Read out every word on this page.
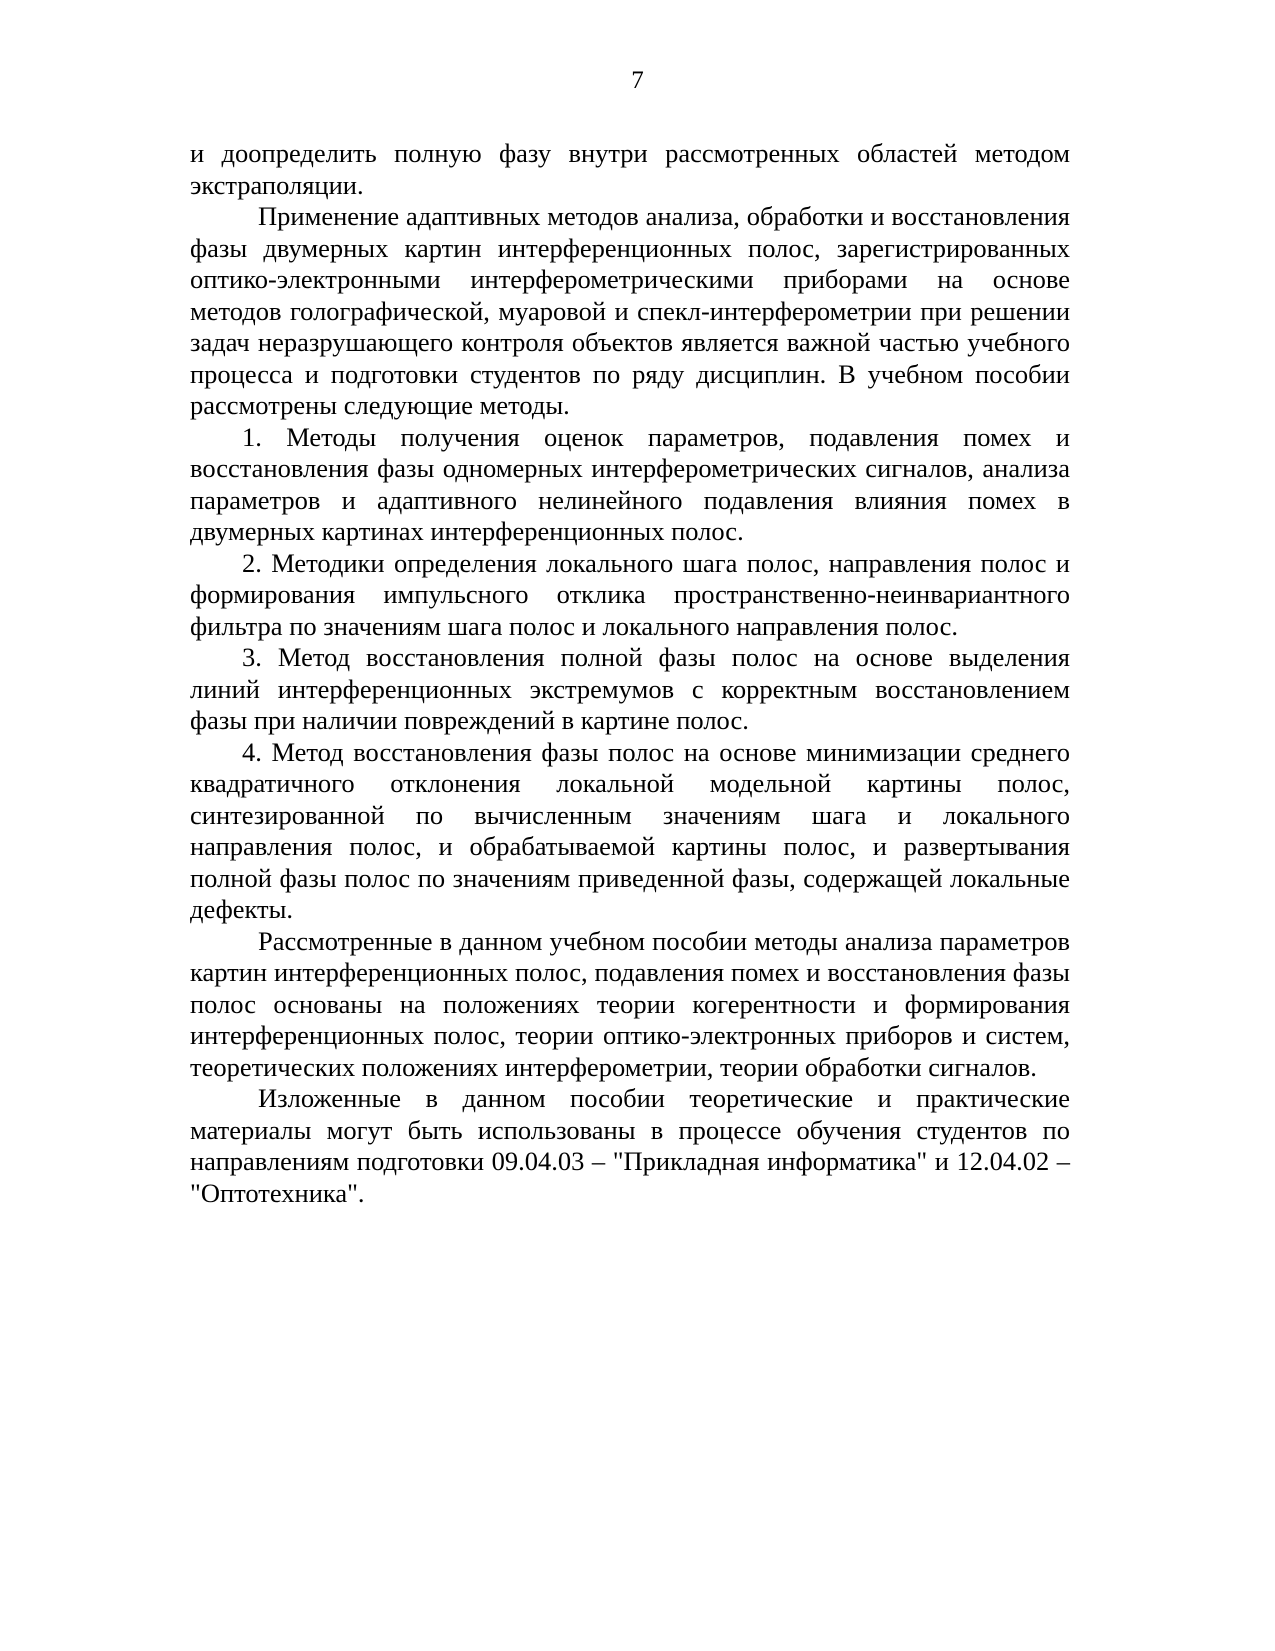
7

и доопределить полную фазу внутри рассмотренных областей методом экстраполяции.

Применение адаптивных методов анализа, обработки и восстановления фазы двумерных картин интерференционных полос, зарегистрированных оптико-электронными интерферометрическими приборами на основе методов голографической, муаровой и спекл-интерферометрии при решении задач неразрушающего контроля объектов является важной частью учебного процесса и подготовки студентов по ряду дисциплин. В учебном пособии рассмотрены следующие методы.

1. Методы получения оценок параметров, подавления помех и восстановления фазы одномерных интерферометрических сигналов, анализа параметров и адаптивного нелинейного подавления влияния помех в двумерных картинах интерференционных полос.

2. Методики определения локального шага полос, направления полос и формирования импульсного отклика пространственно-неинвариантного фильтра по значениям шага полос и локального направления полос.

3. Метод восстановления полной фазы полос на основе выделения линий интерференционных экстремумов с корректным восстановлением фазы при наличии повреждений в картине полос.

4. Метод восстановления фазы полос на основе минимизации среднего квадратичного отклонения локальной модельной картины полос, синтезированной по вычисленным значениям шага и локального направления полос, и обрабатываемой картины полос, и развертывания полной фазы полос по значениям приведенной фазы, содержащей локальные дефекты.

Рассмотренные в данном учебном пособии методы анализа параметров картин интерференционных полос, подавления помех и восстановления фазы полос основаны на положениях теории когерентности и формирования интерференционных полос, теории оптико-электронных приборов и систем, теоретических положениях интерферометрии, теории обработки сигналов.

Изложенные в данном пособии теоретические и практические материалы могут быть использованы в процессе обучения студентов по направлениям подготовки 09.04.03 – "Прикладная информатика" и 12.04.02 – "Оптотехника".
